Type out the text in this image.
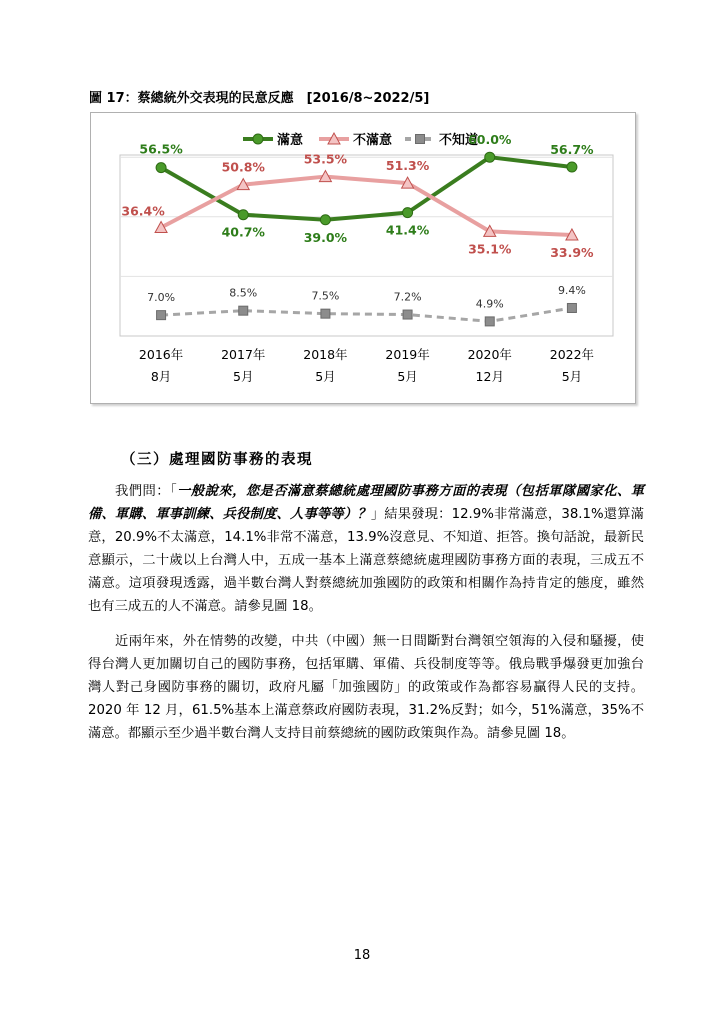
圖 17：蔡總統外交表現的民意反應　[2016/8~2022/5]
滿意	不滿意	不知道
56.5%
40.7%	39.0%	41.4%
60.0%
56.7%
36.4%
50.8%
53.5%	51.3%
35.1%	33.9%
7.0%	8.5%	7.5%	7.2%
4.9%
9.4%
2016年
8月
2017年
5月
2018年
5月
2019年
5月
2020年
12月
2022年
5月
（三）處理國防事務的表現

我們問：「一般說來，您是否滿意蔡總統處理國防事務方面的表現（包括軍隊國家化、軍備、軍購、軍事訓練、兵役制度、人事等等）？」結果發現：12.9%非常滿意，38.1%還算滿意，20.9%不太滿意，14.1%非常不滿意，13.9%沒意見、不知道、拒答。換句話說，最新民意顯示，二十歲以上台灣人中，五成一基本上滿意蔡總統處理國防事務方面的表現，三成五不滿意。這項發現透露，過半數台灣人對蔡總統加強國防的政策和相關作為持肯定的態度，雖然也有三成五的人不滿意。請參見圖 18。

近兩年來，外在情勢的改變，中共（中國）無一日間斷對台灣領空領海的入侵和騷擾，使得台灣人更加關切自己的國防事務，包括軍購、軍備、兵役制度等等。俄烏戰爭爆發更加強台灣人對己身國防事務的關切，政府凡屬「加強國防」的政策或作為都容易贏得人民的支持。2020 年 12 月，61.5%基本上滿意蔡政府國防表現，31.2%反對；如今，51%滿意，35%不滿意。都顯示至少過半數台灣人支持目前蔡總統的國防政策與作為。請參見圖 18。

18
